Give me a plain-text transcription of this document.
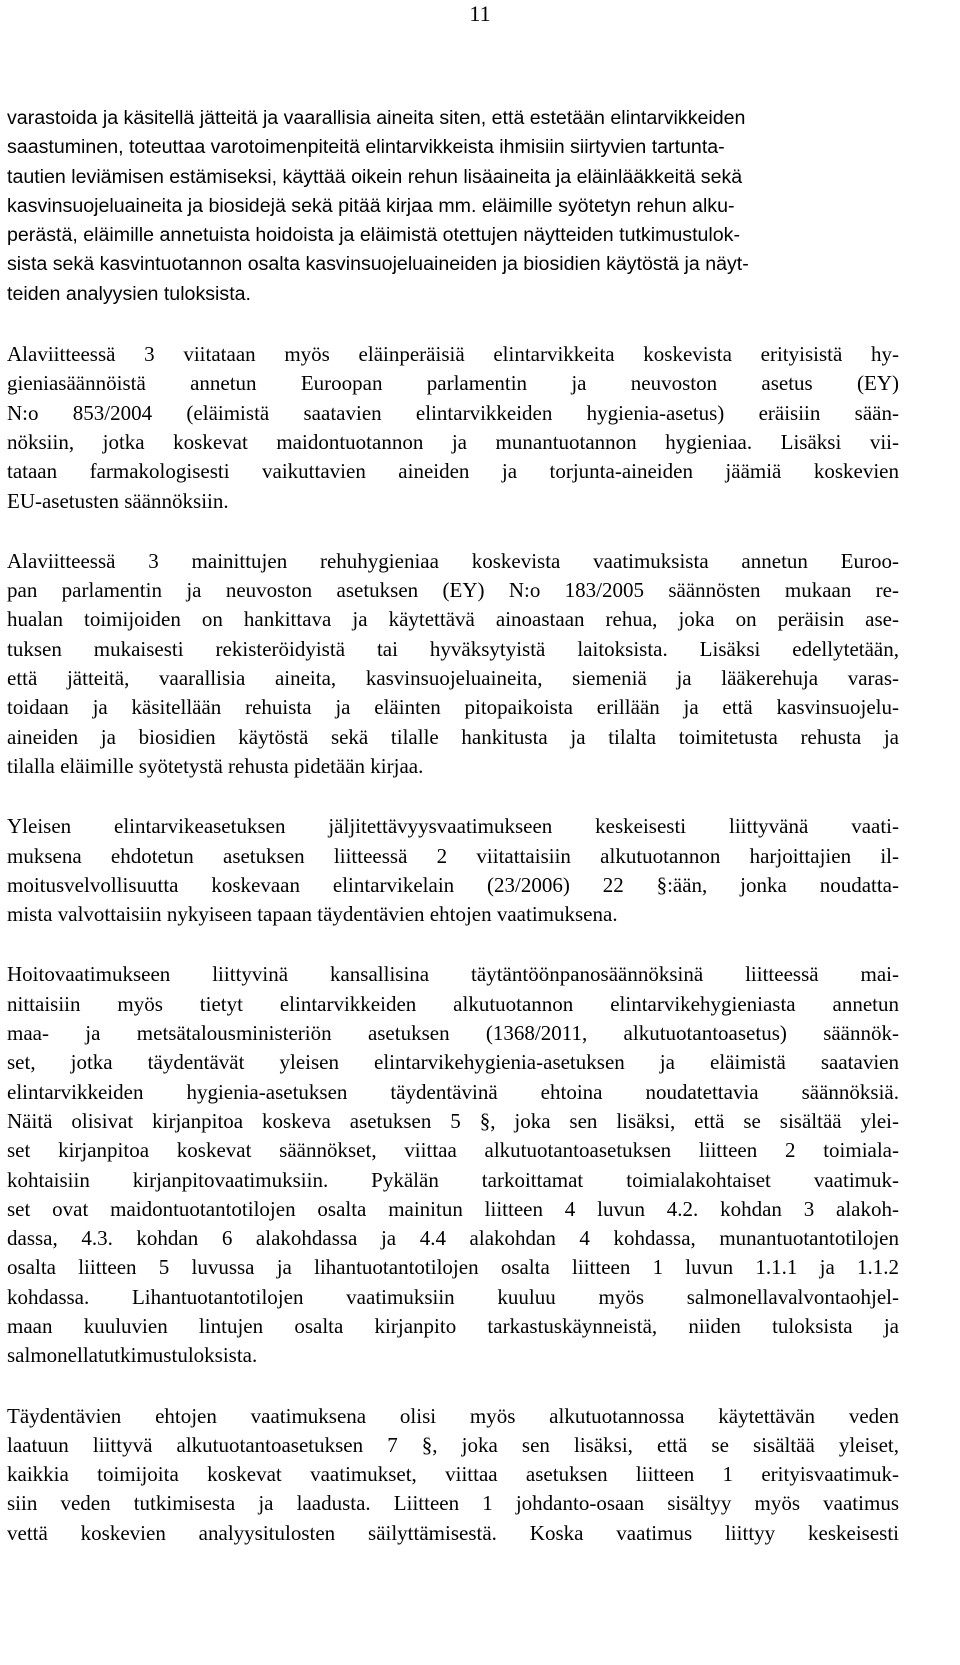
11
varastoida ja käsitellä jätteitä ja vaarallisia aineita siten, että estetään elintarvikkeiden
saastuminen, toteuttaa varotoimenpiteitä elintarvikkeista ihmisiin siirtyvien tartunta-
tautien leviämisen estämiseksi, käyttää oikein rehun lisäaineita ja eläinlääkkeitä sekä
kasvinsuojeluaineita ja biosidejä sekä pitää kirjaa mm. eläimille syötetyn rehun alku-
perästä, eläimille annetuista hoidoista ja eläimistä otettujen näytteiden tutkimustulok-
sista sekä kasvintuotannon osalta kasvinsuojeluaineiden ja biosidien käytöstä ja näyt-
teiden analyysien tuloksista.
Alaviitteessä 3 viitataan myös eläinperäisiä elintarvikkeita koskevista erityisistä hy-
gieniasäännöistä annetun Euroopan parlamentin ja neuvoston asetus (EY)
N:o 853/2004 (eläimistä saatavien elintarvikkeiden hygienia-asetus) eräisiin sään-
nöksiin, jotka koskevat maidontuotannon ja munantuotannon hygieniaa. Lisäksi vii-
tataan farmakologisesti vaikuttavien aineiden ja torjunta-aineiden jäämiä koskevien
EU-asetusten säännöksiin.
Alaviitteessä 3 mainittujen rehuhygieniaa koskevista vaatimuksista annetun Euroo-
pan parlamentin ja neuvoston asetuksen (EY) N:o 183/2005 säännösten mukaan re-
hualan toimijoiden on hankittava ja käytettävä ainoastaan rehua, joka on peräisin ase-
tuksen mukaisesti rekisteröidyistä tai hyväksytyistä laitoksista. Lisäksi edellytetään,
että jätteitä, vaarallisia aineita, kasvinsuojeluaineita, siemeniä ja lääkerehuja varas-
toidaan ja käsitellään rehuista ja eläinten pitopaikoista erillään ja että kasvinsuojelu-
aineiden ja biosidien käytöstä sekä tilalle hankitusta ja tilalta toimitetusta rehusta ja
tilalla eläimille syötetystä rehusta pidetään kirjaa.
Yleisen elintarvikeasetuksen jäljitettävyysvaatimukseen keskeisesti liittyvänä vaati-
muksena ehdotetun asetuksen liitteessä 2 viitattaisiin alkutuotannon harjoittajien il-
moitusvelvollisuutta koskevaan elintarvikelain (23/2006) 22 §:ään, jonka noudatta-
mista valvottaisiin nykyiseen tapaan täydentävien ehtojen vaatimuksena.
Hoitovaatimukseen liittyvinä kansallisina täytäntöönpanosäännöksinä liitteessä mai-
nittaisiin myös tietyt elintarvikkeiden alkutuotannon elintarvikehygieniasta annetun
maa- ja metsätalousministeriön asetuksen (1368/2011, alkutuotantoasetus) säännök-
set, jotka täydentävät yleisen elintarvikehygienia-asetuksen ja eläimistä saatavien
elintarvikkeiden hygienia-asetuksen täydentävinä ehtoina noudatettavia säännöksiä.
Näitä olisivat kirjanpitoa koskeva asetuksen 5 §, joka sen lisäksi, että se sisältää ylei-
set kirjanpitoa koskevat säännökset, viittaa alkutuotantoasetuksen liitteen 2 toimiala-
kohtaisiin kirjanpitovaatimuksiin. Pykälän tarkoittamat toimialakohtaiset vaatimuk-
set ovat maidontuotantotilojen osalta mainitun liitteen 4 luvun 4.2. kohdan 3 alakoh-
dassa, 4.3. kohdan 6 alakohdassa ja 4.4 alakohdan 4 kohdassa, munantuotantotilojen
osalta liitteen 5 luvussa ja lihantuotantotilojen osalta liitteen 1 luvun 1.1.1 ja 1.1.2
kohdassa. Lihantuotantotilojen vaatimuksiin kuuluu myös salmonellavalvontaohjel-
maan kuuluvien lintujen osalta kirjanpito tarkastuskäynneistä, niiden tuloksista ja
salmonellatutkimustuloksista.
Täydentävien ehtojen vaatimuksena olisi myös alkutuotannossa käytettävän veden
laatuun liittyvä alkutuotantoasetuksen 7 §, joka sen lisäksi, että se sisältää yleiset,
kaikkia toimijoita koskevat vaatimukset, viittaa asetuksen liitteen 1 erityisvaatimuk-
siin veden tutkimisesta ja laadusta. Liitteen 1 johdanto-osaan sisältyy myös vaatimus
vettä koskevien analyysitulosten säilyttämisestä. Koska vaatimus liittyy keskeisesti
